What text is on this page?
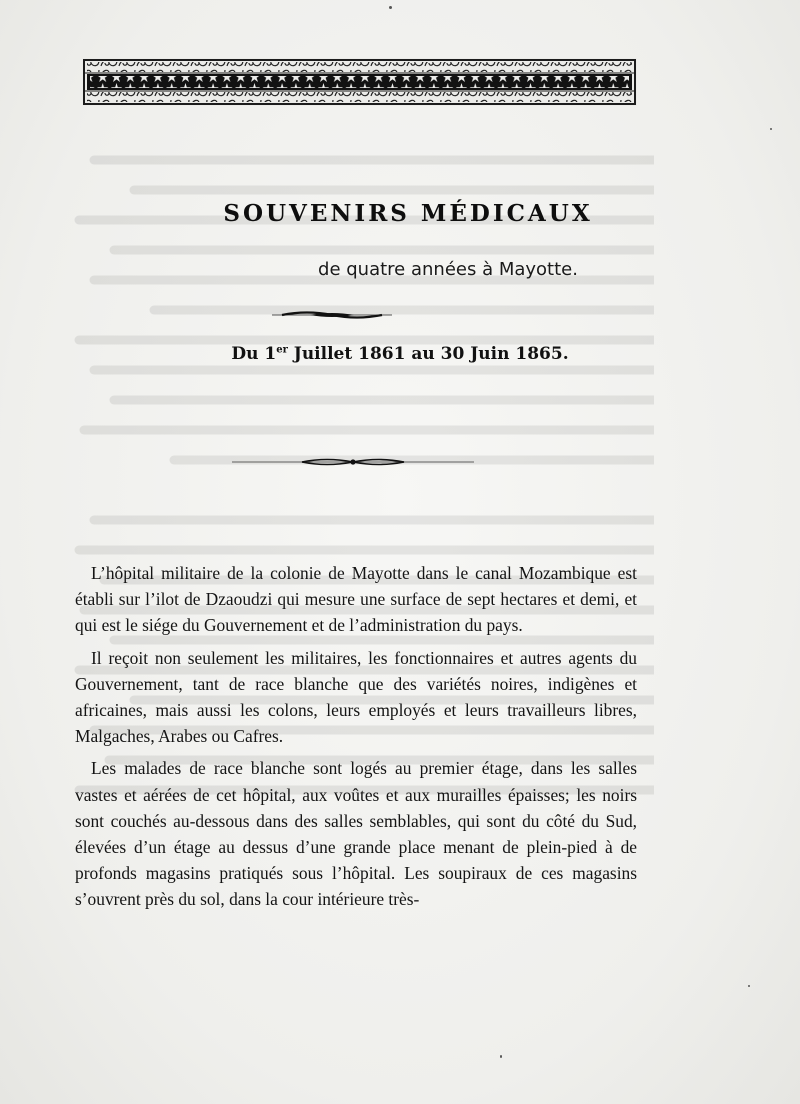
SOUVENIRS MÉDICAUX
de quatre années à Mayotte.
Du 1er Juillet 1861 au 30 Juin 1865.

L’hôpital militaire de la colonie de Mayotte dans le canal Mozambique est établi sur l’ilot de Dzaoudzi qui mesure une surface de sept hectares et demi, et qui est le siége du Gouvernement et de l’administration du pays.

Il reçoit non seulement les militaires, les fonctionnaires et autres agents du Gouvernement, tant de race blanche que des variétés noires, indigènes et africaines, mais aussi les colons, leurs employés et leurs travailleurs libres, Malgaches, Arabes ou Cafres.

Les malades de race blanche sont logés au premier étage, dans les salles vastes et aérées de cet hôpital, aux voûtes et aux murailles épaisses; les noirs sont couchés au-dessous dans des salles semblables, qui sont du côté du Sud, élevées d’un étage au dessus d’une grande place menant de plein-pied à de profonds magasins pratiqués sous l’hôpital. Les soupiraux de ces magasins s’ouvrent près du sol, dans la cour intérieure très-
